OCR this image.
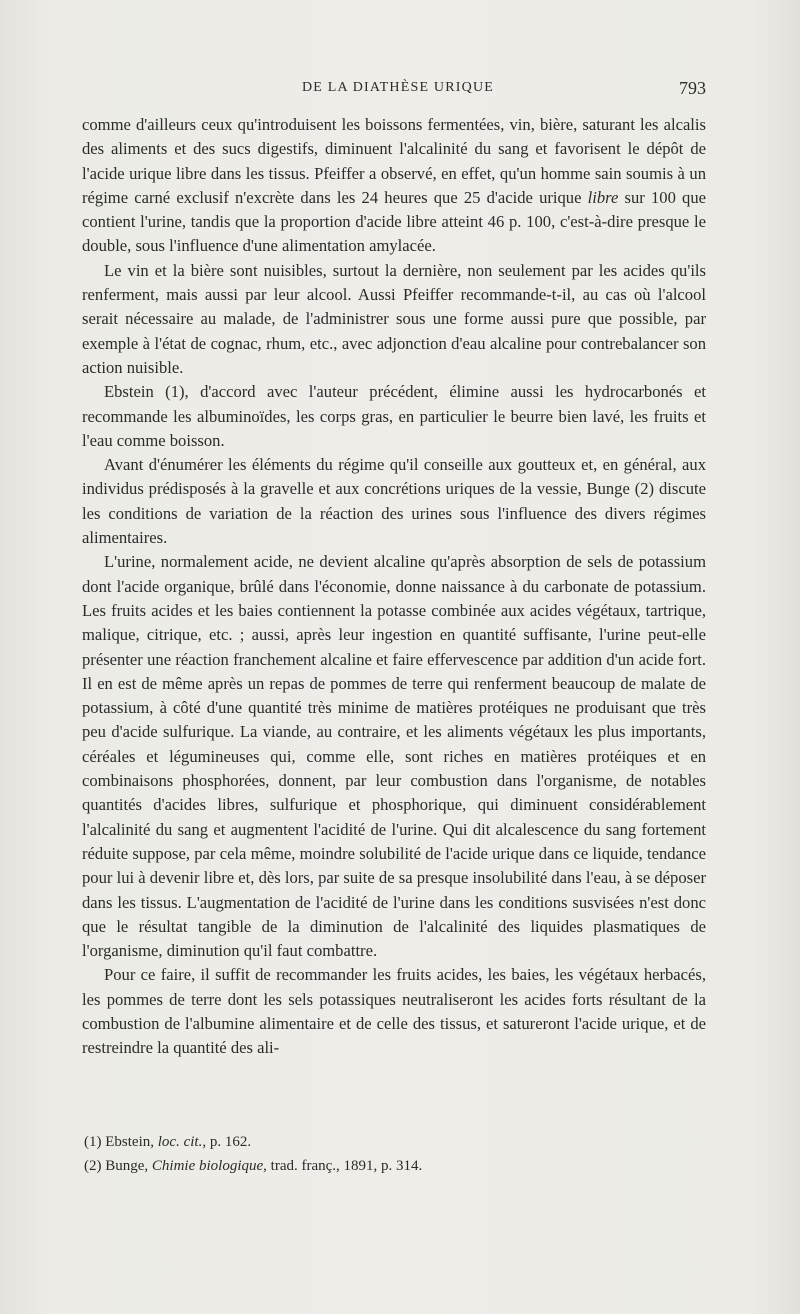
DE LA DIATHÈSE URIQUE	793

comme d'ailleurs ceux qu'introduisent les boissons fermentées, vin, bière, saturant les alcalis des aliments et des sucs digestifs, diminuent l'alcalinité du sang et favorisent le dépôt de l'acide urique libre dans les tissus. Pfeiffer a observé, en effet, qu'un homme sain soumis à un régime carné exclusif n'excrète dans les 24 heures que 25 d'acide urique libre sur 100 que contient l'urine, tandis que la proportion d'acide libre atteint 46 p. 100, c'est-à-dire presque le double, sous l'influence d'une alimentation amylacée.

Le vin et la bière sont nuisibles, surtout la dernière, non seulement par les acides qu'ils renferment, mais aussi par leur alcool. Aussi Pfeiffer recommande-t-il, au cas où l'alcool serait nécessaire au malade, de l'administrer sous une forme aussi pure que possible, par exemple à l'état de cognac, rhum, etc., avec adjonction d'eau alcaline pour contrebalancer son action nuisible.

Ebstein (1), d'accord avec l'auteur précédent, élimine aussi les hydrocarbonés et recommande les albuminoïdes, les corps gras, en particulier le beurre bien lavé, les fruits et l'eau comme boisson.

Avant d'énumérer les éléments du régime qu'il conseille aux goutteux et, en général, aux individus prédisposés à la gravelle et aux concrétions uriques de la vessie, Bunge (2) discute les conditions de variation de la réaction des urines sous l'influence des divers régimes alimentaires.

L'urine, normalement acide, ne devient alcaline qu'après absorption de sels de potassium dont l'acide organique, brûlé dans l'économie, donne naissance à du carbonate de potassium. Les fruits acides et les baies contiennent la potasse combinée aux acides végétaux, tartrique, malique, citrique, etc. ; aussi, après leur ingestion en quantité suffisante, l'urine peut-elle présenter une réaction franchement alcaline et faire effervescence par addition d'un acide fort. Il en est de même après un repas de pommes de terre qui renferment beaucoup de malate de potassium, à côté d'une quantité très minime de matières protéiques ne produisant que très peu d'acide sulfurique. La viande, au contraire, et les aliments végétaux les plus importants, céréales et légumineuses qui, comme elle, sont riches en matières protéiques et en combinaisons phosphorées, donnent, par leur combustion dans l'organisme, de notables quantités d'acides libres, sulfurique et phosphorique, qui diminuent considérablement l'alcalinité du sang et augmentent l'acidité de l'urine. Qui dit alcalescence du sang fortement réduite suppose, par cela même, moindre solubilité de l'acide urique dans ce liquide, tendance pour lui à devenir libre et, dès lors, par suite de sa presque insolubilité dans l'eau, à se déposer dans les tissus. L'augmentation de l'acidité de l'urine dans les conditions susvisées n'est donc que le résultat tangible de la diminution de l'alcalinité des liquides plasmatiques de l'organisme, diminution qu'il faut combattre.

Pour ce faire, il suffit de recommander les fruits acides, les baies, les végétaux herbacés, les pommes de terre dont les sels potassiques neutraliseront les acides forts résultant de la combustion de l'albumine alimentaire et de celle des tissus, et satureront l'acide urique, et de restreindre la quantité des ali-

(1) Ebstein, loc. cit., p. 162.

(2) Bunge, Chimie biologique, trad. franç., 1891, p. 314.
